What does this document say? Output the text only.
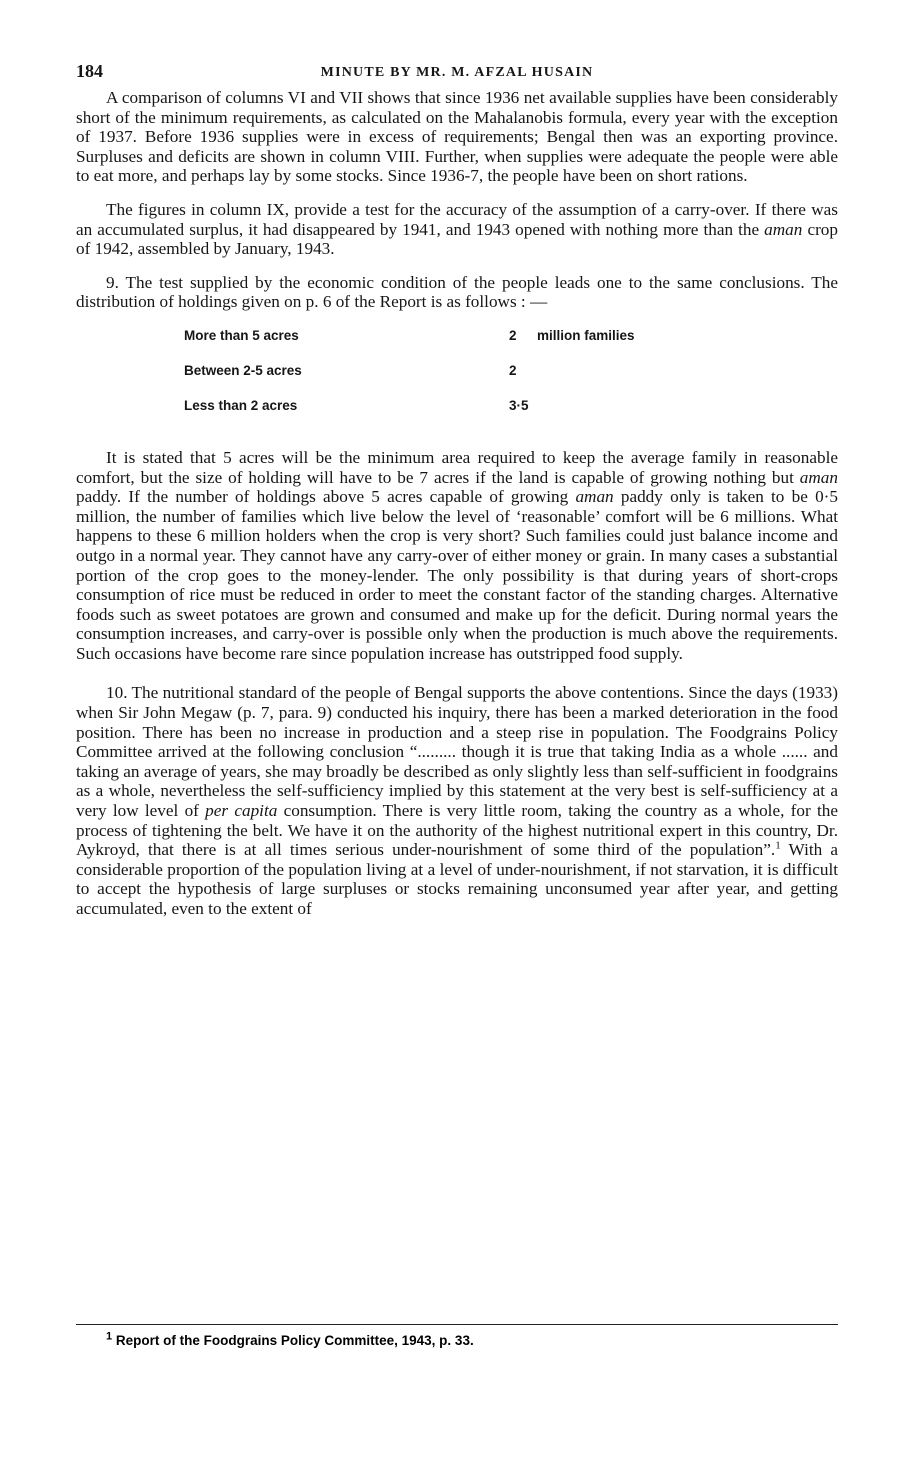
184	MINUTE BY MR. M. AFZAL HUSAIN

A comparison of columns VI and VII shows that since 1936 net available supplies have been considerably short of the minimum requirements, as calculated on the Mahalanobis formula, every year with the exception of 1937. Before 1936 supplies were in excess of requirements; Bengal then was an exporting province. Surpluses and deficits are shown in column VIII. Further, when supplies were adequate the people were able to eat more, and perhaps lay by some stocks. Since 1936-7, the people have been on short rations.

The figures in column IX, provide a test for the accuracy of the assumption of a carry-over. If there was an accumulated surplus, it had disappeared by 1941, and 1943 opened with nothing more than the aman crop of 1942, assembled by January, 1943.

9. The test supplied by the economic condition of the people leads one to the same conclusions. The distribution of holdings given on p. 6 of the Report is as follows : —

More than 5 acres	2	million families
Between 2-5 acres	2
Less than 2 acres	3·5

It is stated that 5 acres will be the minimum area required to keep the average family in reasonable comfort, but the size of holding will have to be 7 acres if the land is capable of growing nothing but aman paddy. If the number of holdings above 5 acres capable of growing aman paddy only is taken to be 0·5 million, the number of families which live below the level of ‘reasonable’ comfort will be 6 millions. What happens to these 6 million holders when the crop is very short? Such families could just balance income and outgo in a normal year. They cannot have any carry-over of either money or grain. In many cases a substantial portion of the crop goes to the money-lender. The only possibility is that during years of short-crops consumption of rice must be reduced in order to meet the constant factor of the standing charges. Alternative foods such as sweet potatoes are grown and consumed and make up for the deficit. During normal years the consumption increases, and carry-over is possible only when the production is much above the requirements. Such occasions have become rare since population increase has outstripped food supply.

10. The nutritional standard of the people of Bengal supports the above contentions. Since the days (1933) when Sir John Megaw (p. 7, para. 9) conducted his inquiry, there has been a marked deterioration in the food position. There has been no increase in production and a steep rise in population. The Foodgrains Policy Committee arrived at the following conclusion “......... though it is true that taking India as a whole ...... and taking an average of years, she may broadly be described as only slightly less than self-sufficient in foodgrains as a whole, nevertheless the self-sufficiency implied by this statement at the very best is self-sufficiency at a very low level of per capita consumption. There is very little room, taking the country as a whole, for the process of tightening the belt. We have it on the authority of the highest nutritional expert in this country, Dr. Aykroyd, that there is at all times serious under-nourishment of some third of the population”.$^1$ With a considerable proportion of the population living at a level of under-nourishment, if not starvation, it is difficult to accept the hypothesis of large surpluses or stocks remaining unconsumed year after year, and getting accumulated, even to the extent of

$^1$ Report of the Foodgrains Policy Committee, 1943, p. 33.
